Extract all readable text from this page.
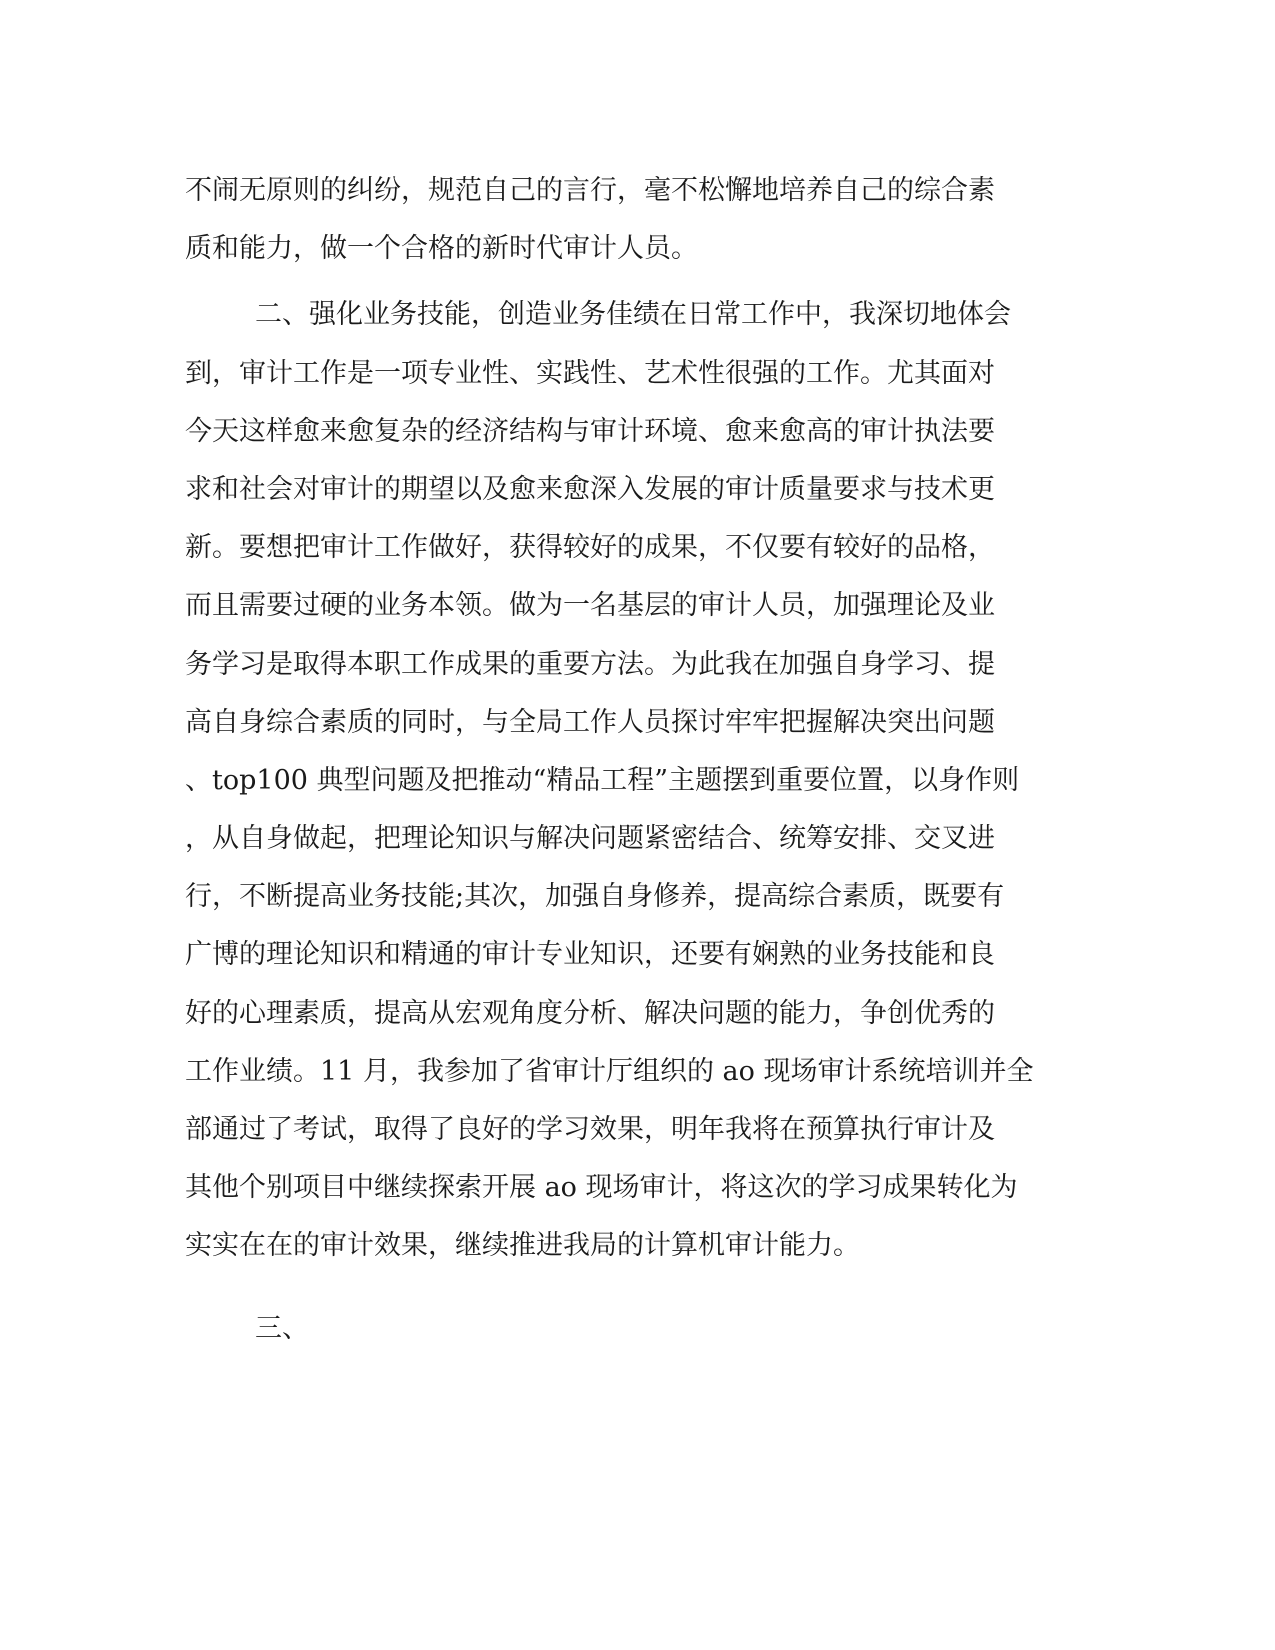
不闹无原则的纠纷，规范自己的言行，毫不松懈地培养自己的综合素
质和能力，做一个合格的新时代审计人员。
二、强化业务技能，创造业务佳绩在日常工作中，我深切地体会
到，审计工作是一项专业性、实践性、艺术性很强的工作。尤其面对
今天这样愈来愈复杂的经济结构与审计环境、愈来愈高的审计执法要
求和社会对审计的期望以及愈来愈深入发展的审计质量要求与技术更
新。要想把审计工作做好，获得较好的成果，不仅要有较好的品格，
而且需要过硬的业务本领。做为一名基层的审计人员，加强理论及业
务学习是取得本职工作成果的重要方法。为此我在加强自身学习、提
高自身综合素质的同时，与全局工作人员探讨牢牢把握解决突出问题
、top100 典型问题及把推动“精品工程”主题摆到重要位置，以身作则
，从自身做起，把理论知识与解决问题紧密结合、统筹安排、交叉进
行，不断提高业务技能;其次，加强自身修养，提高综合素质，既要有
广博的理论知识和精通的审计专业知识，还要有娴熟的业务技能和良
好的心理素质，提高从宏观角度分析、解决问题的能力，争创优秀的
工作业绩。11 月，我参加了省审计厅组织的 ao 现场审计系统培训并全
部通过了考试，取得了良好的学习效果，明年我将在预算执行审计及
其他个别项目中继续探索开展 ao 现场审计，将这次的学习成果转化为
实实在在的审计效果，继续推进我局的计算机审计能力。
三、
